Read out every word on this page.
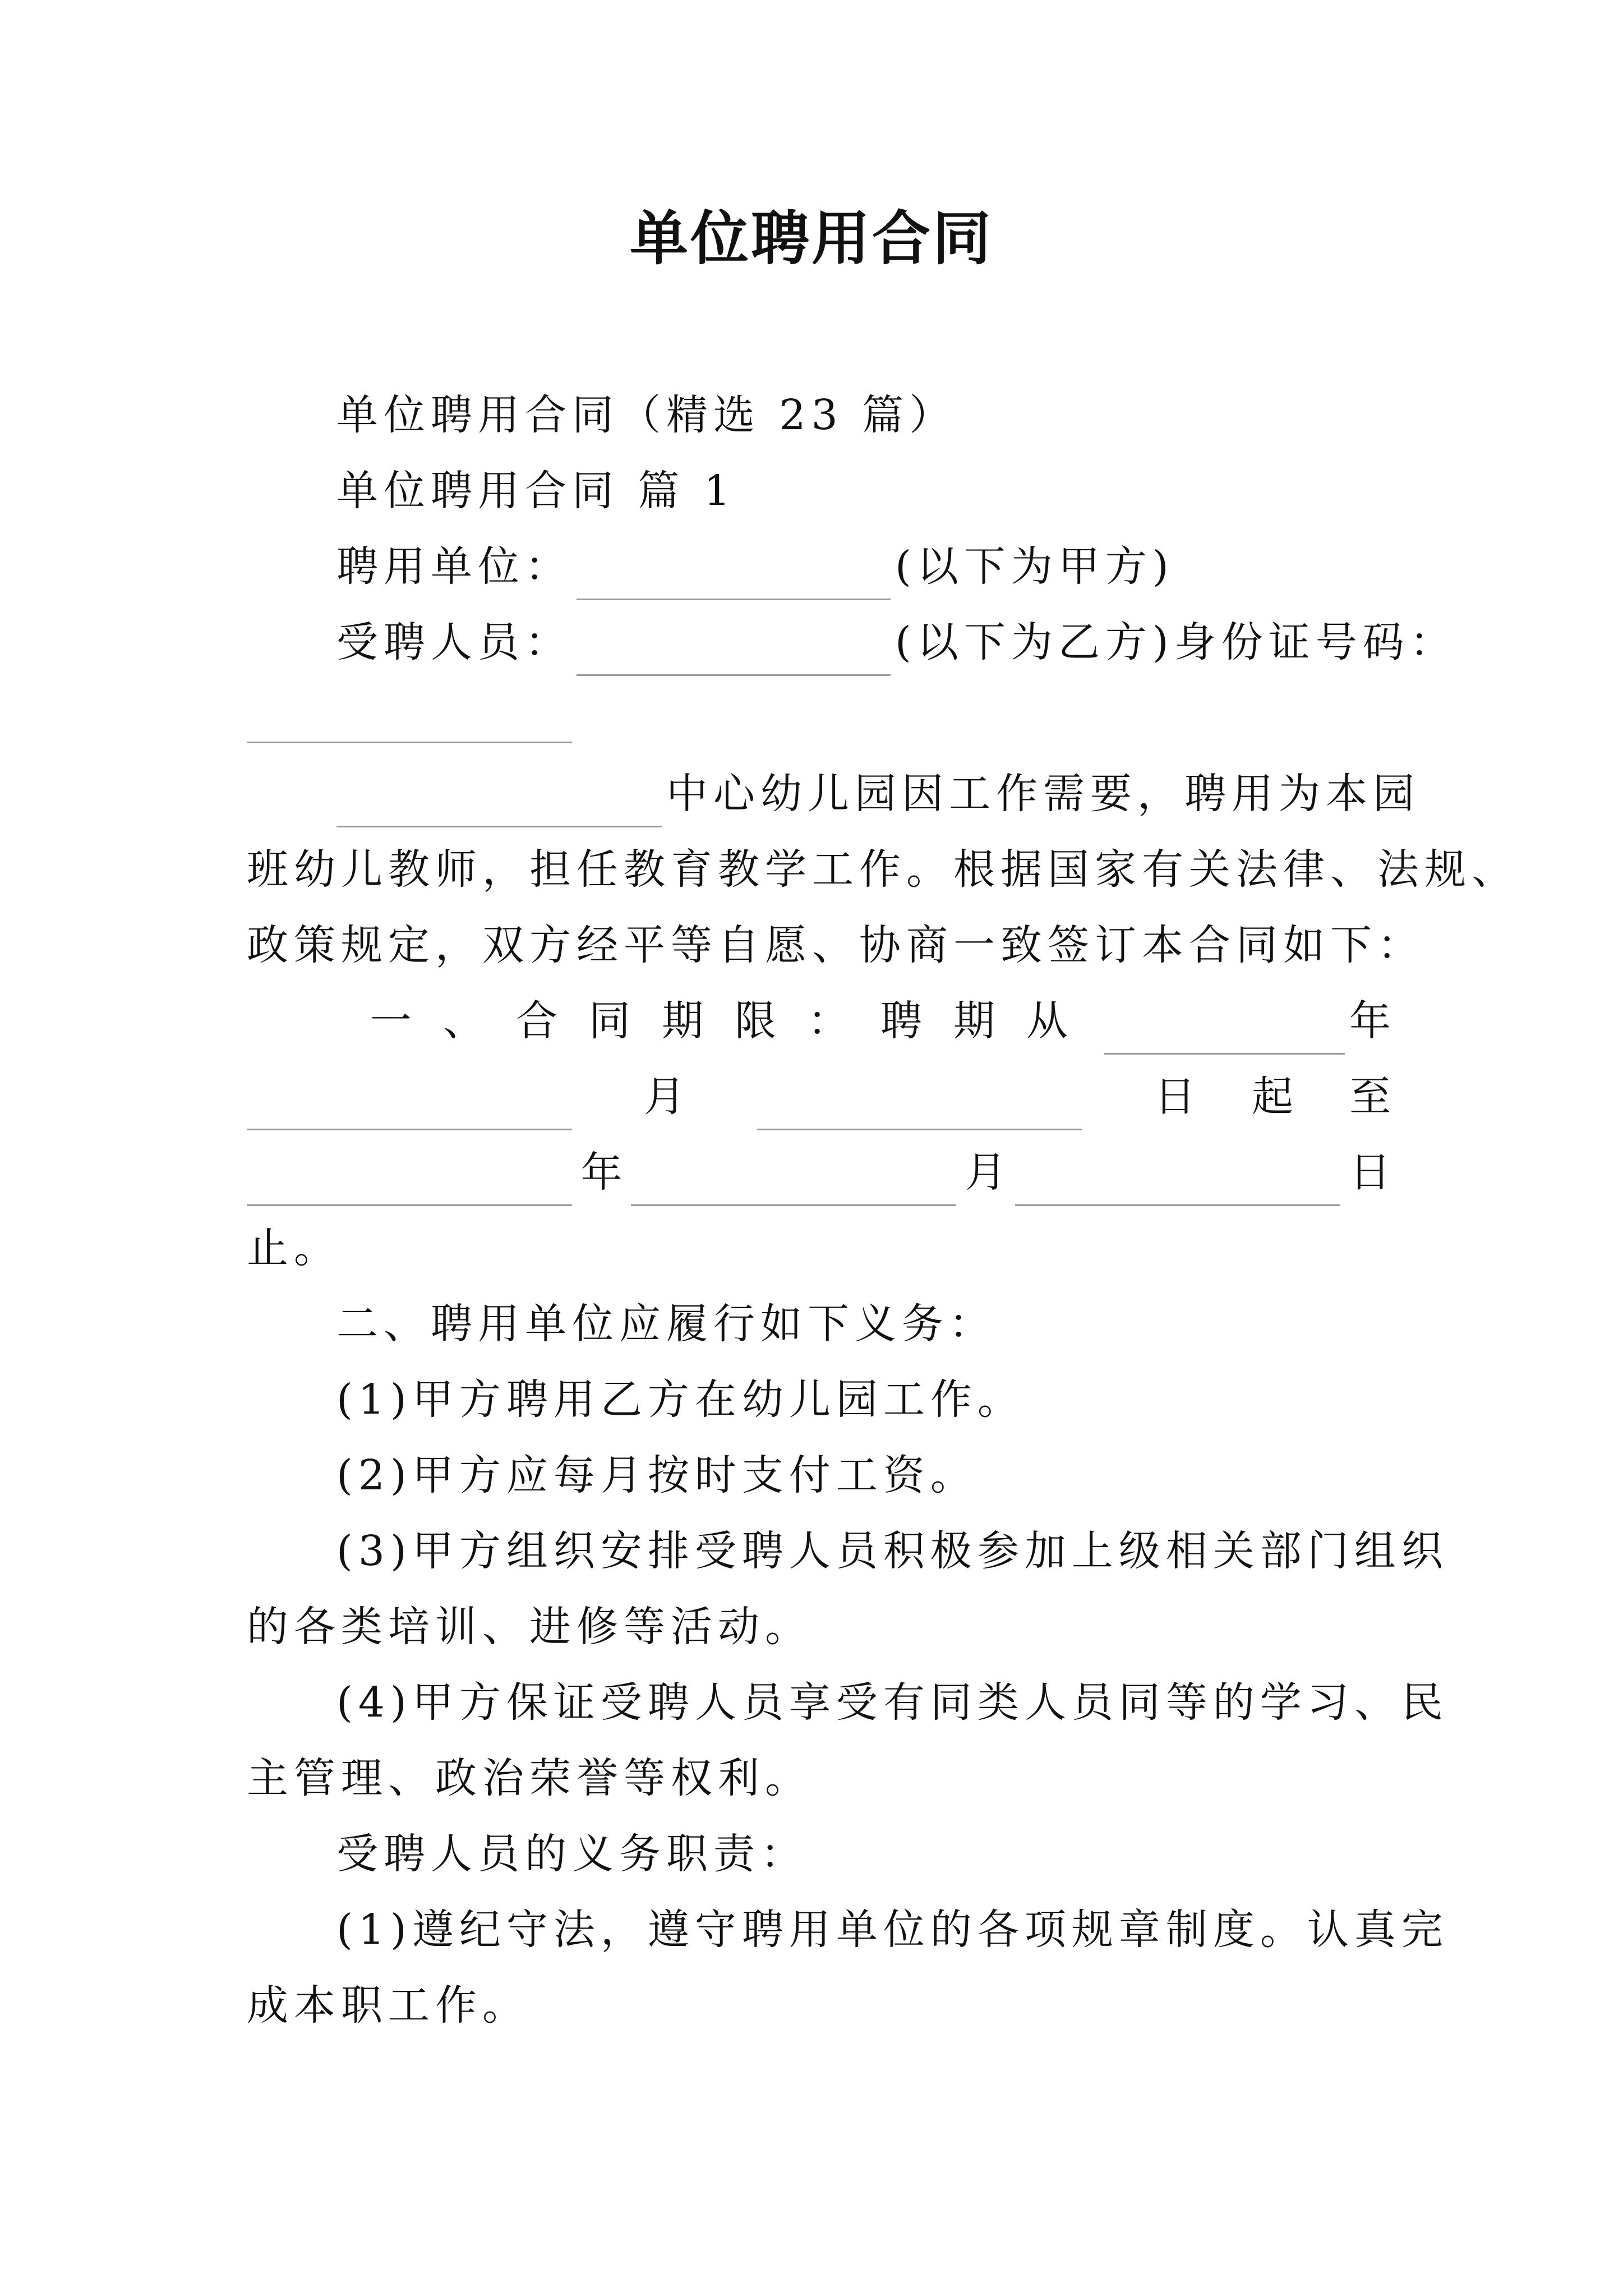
单位聘用合同
单位聘用合同（精选 23 篇）
单位聘用合同 篇 1
聘用单位：	(以下为甲方)
受聘人员：	(以下为乙方)身份证号码：
中心幼儿园因工作需要，聘用为本园
班幼儿教师，担任教育教学工作。根据国家有关法律、法规、
政策规定，双方经平等自愿、协商一致签订本合同如下：
一、合同期限：聘期从	年
月	日起至
年	月	日
止。
二、聘用单位应履行如下义务：
(1)甲方聘用乙方在幼儿园工作。
(2)甲方应每月按时支付工资。
(3)甲方组织安排受聘人员积极参加上级相关部门组织
的各类培训、进修等活动。
(4)甲方保证受聘人员享受有同类人员同等的学习、民
主管理、政治荣誉等权利。
受聘人员的义务职责：
(1)遵纪守法，遵守聘用单位的各项规章制度。认真完
成本职工作。
